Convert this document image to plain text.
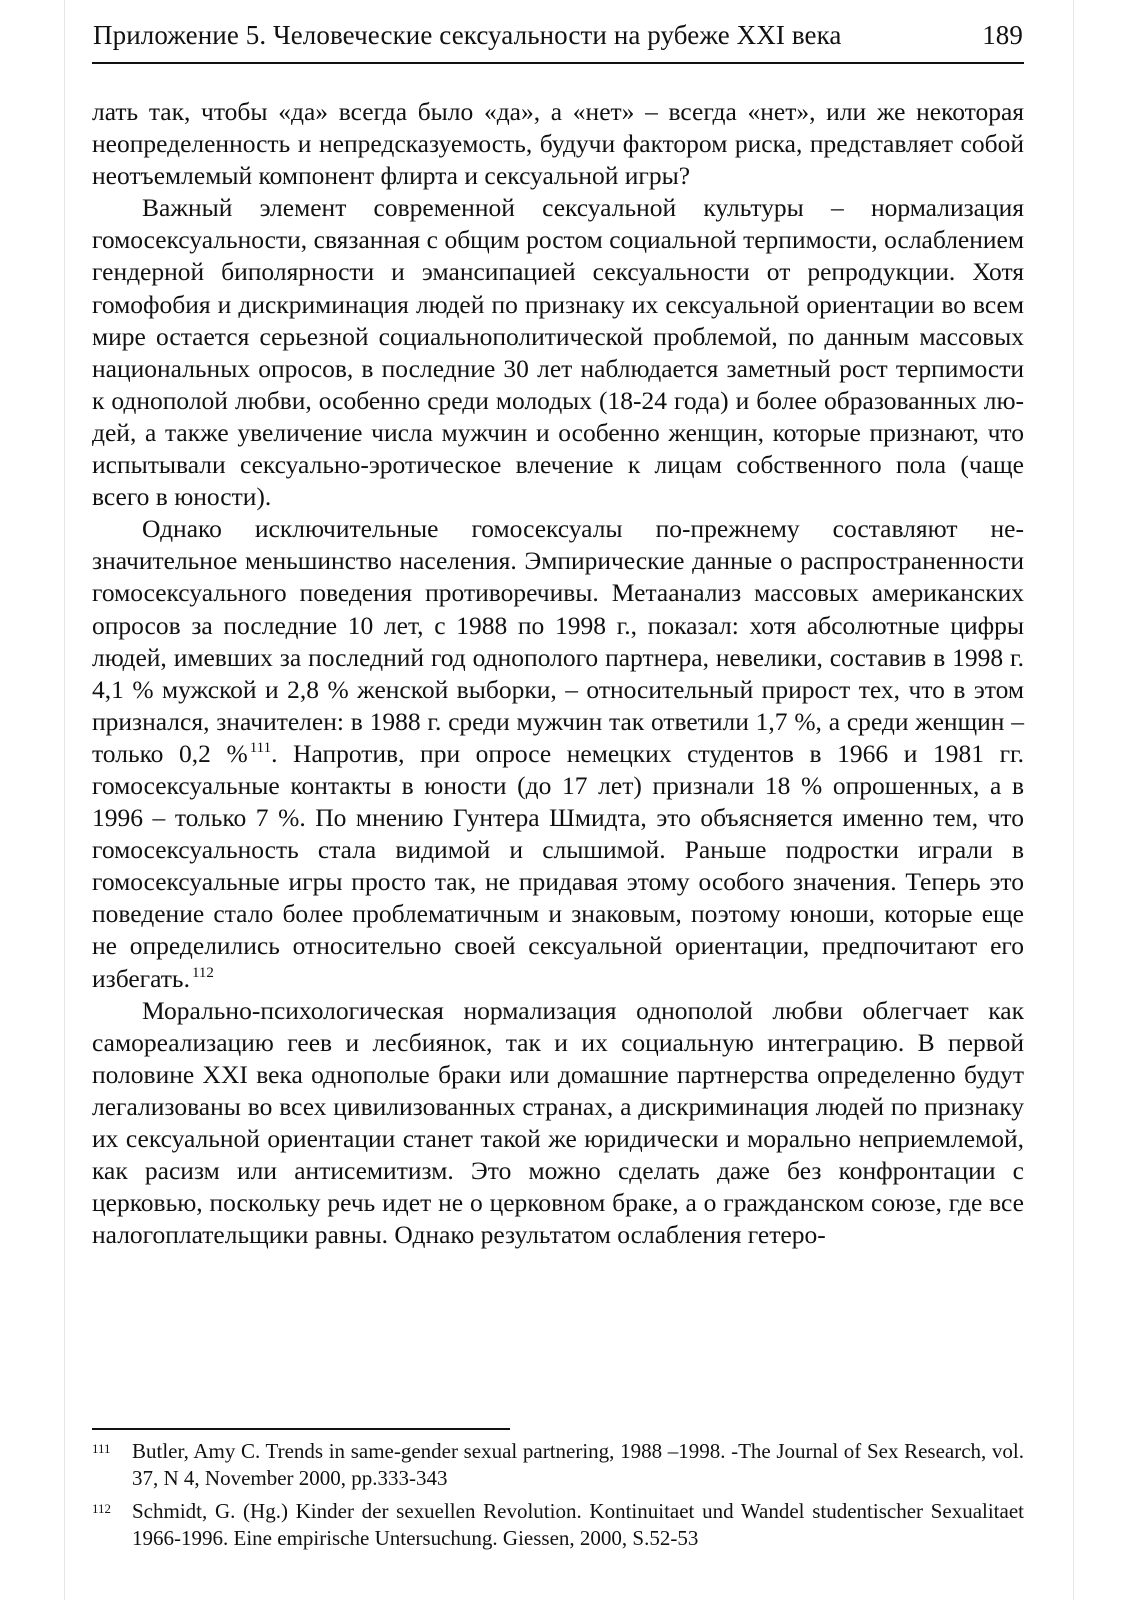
Приложение 5. Человеческие сексуальности на рубеже XXI века	189

лать так, чтобы «да» всегда было «да», а «нет» – всегда «нет», или же некоторая неопределенность и непредсказуемость, будучи фактором риска, представляет собой неотъемлемый компонент флирта и сексуальной игры?

Важный элемент современной сексуальной культуры – нормализация гомосексуальности, связанная с общим ростом социальной терпимости, ослаблением гендерной биполярности и эмансипацией сексуальности от репродукции. Хотя гомофобия и дискриминация людей по признаку их сексуальной ориентации во всем мире остается серьезной социальнополитической проблемой, по данным массовых национальных опросов, в последние 30 лет наблюдается заметный рост терпимости к однополой любви, особенно среди молодых (18-24 года) и более образованных людей, а также увеличение числа мужчин и особенно женщин, которые признают, что испытывали сексуально-эротическое влечение к лицам собственного пола (чаще всего в юности).

Однако исключительные гомосексуалы по-прежнему составляют незначительное меньшинство населения. Эмпирические данные о распространенности гомосексуального поведения противоречивы. Метаанализ массовых американских опросов за последние 10 лет, с 1988 по 1998 г., показал: хотя абсолютные цифры людей, имевших за последний год однополого партнера, невелики, составив в 1998 г. 4,1 % мужской и 2,8 % женской выборки, – относительный прирост тех, что в этом признался, значителен: в 1988 г. среди мужчин так ответили 1,7 %, а среди женщин – только 0,2 % $^{111}$. Напротив, при опросе немецких студентов в 1966 и 1981 гг. гомосексуальные контакты в юности (до 17 лет) признали 18 % опрошенных, а в 1996 – только 7 %. По мнению Гунтера Шмидта, это объясняется именно тем, что гомосексуальность стала видимой и слышимой. Раньше подростки играли в гомосексуальные игры просто так, не придавая этому особого значения. Теперь это поведение стало более проблематичным и знаковым, поэтому юноши, которые еще не определились относительно своей сексуальной ориентации, предпочитают его избегать. $^{112}$

Морально-психологическая нормализация однополой любви облегчает как самореализацию геев и лесбиянок, так и их социальную интеграцию. В первой половине XXI века однополые браки или домашние партнерства определенно будут легализованы во всех цивилизованных странах, а дискриминация людей по признаку их сексуальной ориентации станет такой же юридически и морально неприемлемой, как расизм или антисемитизм. Это можно сделать даже без конфронтации с церковью, поскольку речь идет не о церковном браке, а о гражданском союзе, где все налогоплательщики равны. Однако результатом ослабления гетеро-

111	Butler, Amy C. Trends in same-gender sexual partnering, 1988 –1998. -The Journal of Sex Research, vol. 37, N 4, November 2000, pp.333-343
112 Schmidt, G. (Hg.) Kinder der sexuellen Revolution. Kontinuitaet und Wandel studentischer Sexualitaet 1966-1996. Eine empirische Untersuchung. Giessen, 2000, S.52-53
